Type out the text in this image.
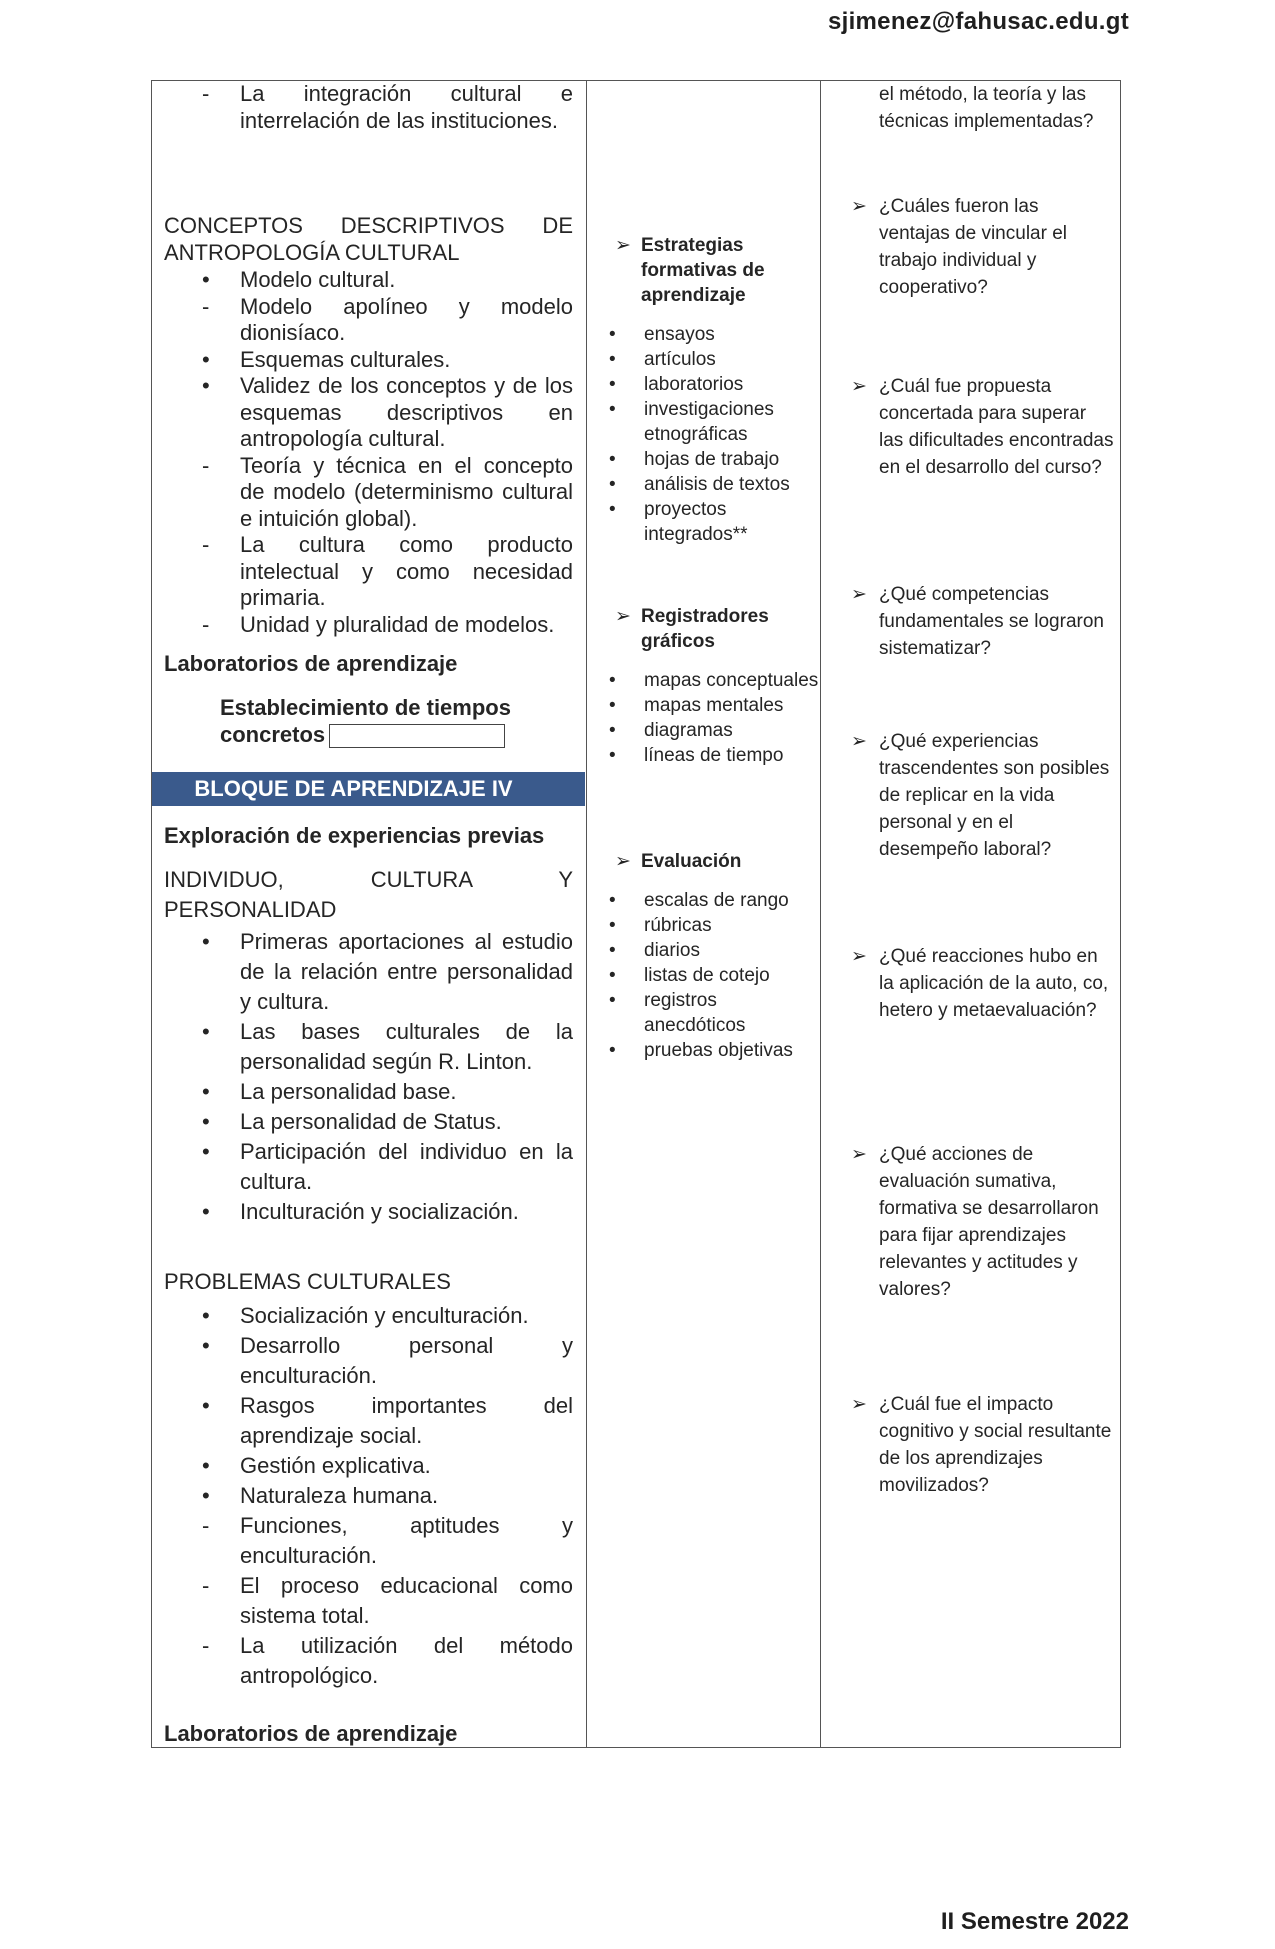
sjimenez@fahusac.edu.gt
- La integración cultural e interrelación de las instituciones.
CONCEPTOS DESCRIPTIVOS DE ANTROPOLOGÍA CULTURAL
• Modelo cultural.
- Modelo apolíneo y modelo dionisíaco.
• Esquemas culturales.
• Validez de los conceptos y de los esquemas descriptivos en antropología cultural.
- Teoría y técnica en el concepto de modelo (determinismo cultural e intuición global).
- La cultura como producto intelectual y como necesidad primaria.
- Unidad y pluralidad de modelos.
Laboratorios de aprendizaje
Establecimiento de tiempos
concretos
BLOQUE DE APRENDIZAJE IV
Exploración de experiencias previas
INDIVIDUO, CULTURA Y PERSONALIDAD
• Primeras aportaciones al estudio de la relación entre personalidad y cultura.
• Las bases culturales de la personalidad según R. Linton.
• La personalidad base.
• La personalidad de Status.
• Participación del individuo en la cultura.
• Inculturación y socialización.
PROBLEMAS CULTURALES
• Socialización y enculturación.
• Desarrollo personal y enculturación.
• Rasgos importantes del aprendizaje social.
• Gestión explicativa.
• Naturaleza humana.
- Funciones, aptitudes y enculturación.
- El proceso educacional como sistema total.
- La utilización del método antropológico.
Laboratorios de aprendizaje
➢ Estrategias formativas de aprendizaje
• ensayos
• artículos
• laboratorios
• investigaciones etnográficas
• hojas de trabajo
• análisis de textos
• proyectos integrados**
➢ Registradores gráficos
• mapas conceptuales
• mapas mentales
• diagramas
• líneas de tiempo
➢ Evaluación
• escalas de rango
• rúbricas
• diarios
• listas de cotejo
• registros anecdóticos
• pruebas objetivas
el método, la teoría y las técnicas implementadas?
➢ ¿Cuáles fueron las ventajas de vincular el trabajo individual y cooperativo?
➢ ¿Cuál fue propuesta concertada para superar las dificultades encontradas en el desarrollo del curso?
➢ ¿Qué competencias fundamentales se lograron sistematizar?
➢ ¿Qué experiencias trascendentes son posibles de replicar en la vida personal y en el desempeño laboral?
➢ ¿Qué reacciones hubo en la aplicación de la auto, co, hetero y metaevaluación?
➢ ¿Qué acciones de evaluación sumativa, formativa se desarrollaron para fijar aprendizajes relevantes y actitudes y valores?
➢ ¿Cuál fue el impacto cognitivo y social resultante de los aprendizajes movilizados?
II Semestre 2022
